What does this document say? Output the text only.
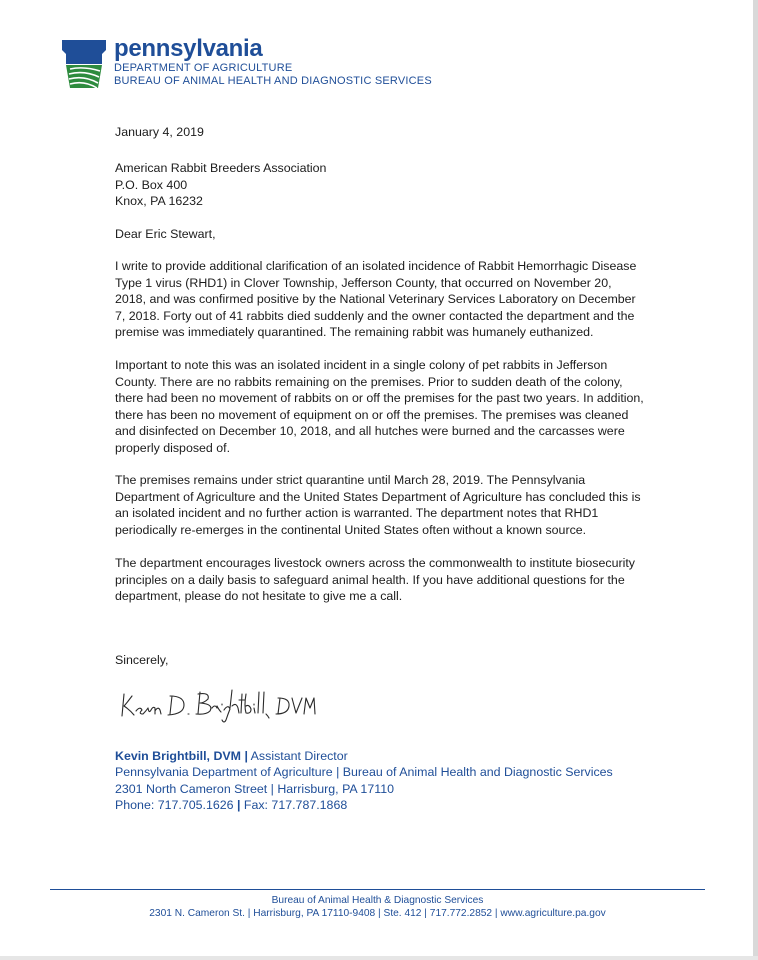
pennsylvania
DEPARTMENT OF AGRICULTURE
BUREAU OF ANIMAL HEALTH AND DIAGNOSTIC SERVICES
January 4, 2019
American Rabbit Breeders Association
P.O. Box 400
Knox, PA 16232
Dear Eric Stewart,

I write to provide additional clarification of an isolated incidence of Rabbit Hemorrhagic Disease Type 1 virus (RHD1) in Clover Township, Jefferson County, that occurred on November 20, 2018, and was confirmed positive by the National Veterinary Services Laboratory on December 7, 2018. Forty out of 41 rabbits died suddenly and the owner contacted the department and the premise was immediately quarantined. The remaining rabbit was humanely euthanized.

Important to note this was an isolated incident in a single colony of pet rabbits in Jefferson County. There are no rabbits remaining on the premises. Prior to sudden death of the colony, there had been no movement of rabbits on or off the premises for the past two years. In addition, there has been no movement of equipment on or off the premises. The premises was cleaned and disinfected on December 10, 2018, and all hutches were burned and the carcasses were properly disposed of.

The premises remains under strict quarantine until March 28, 2019. The Pennsylvania Department of Agriculture and the United States Department of Agriculture has concluded this is an isolated incident and no further action is warranted. The department notes that RHD1 periodically re-emerges in the continental United States often without a known source.

The department encourages livestock owners across the commonwealth to institute biosecurity principles on a daily basis to safeguard animal health. If you have additional questions for the department, please do not hesitate to give me a call.

Sincerely,
Kevin Brightbill, DVM | Assistant Director
Pennsylvania Department of Agriculture | Bureau of Animal Health and Diagnostic Services
2301 North Cameron Street | Harrisburg, PA 17110
Phone: 717.705.1626 | Fax: 717.787.1868
Bureau of Animal Health & Diagnostic Services
2301 N. Cameron St. | Harrisburg, PA 17110-9408 | Ste. 412 | 717.772.2852 | www.agriculture.pa.gov
